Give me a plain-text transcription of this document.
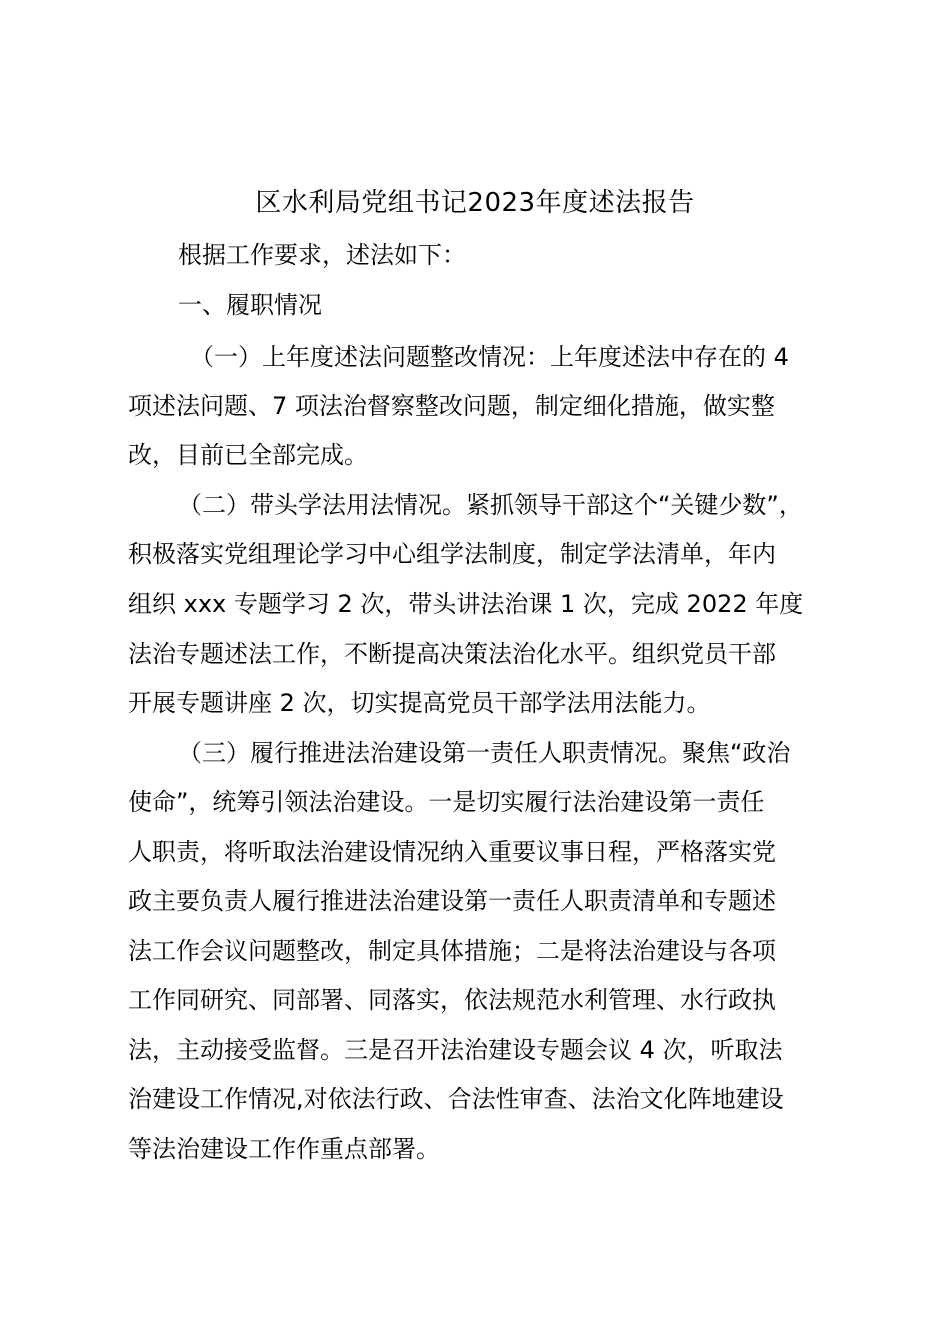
区水利局党组书记2023年度述法报告

根据工作要求，述法如下：

一、履职情况

（一）上年度述法问题整改情况：上年度述法中存在的 4

项述法问题、7 项法治督察整改问题，制定细化措施，做实整

改，目前已全部完成。

（二）带头学法用法情况。紧抓领导干部这个“关键少数”，

积极落实党组理论学习中心组学法制度，制定学法清单，年内

组织 xxx 专题学习 2 次，带头讲法治课 1 次，完成 2022 年度

法治专题述法工作，不断提高决策法治化水平。组织党员干部

开展专题讲座 2 次，切实提高党员干部学法用法能力。

（三）履行推进法治建设第一责任人职责情况。聚焦“政治

使命”，统筹引领法治建设。一是切实履行法治建设第一责任

人职责，将听取法治建设情况纳入重要议事日程，严格落实党

政主要负责人履行推进法治建设第一责任人职责清单和专题述

法工作会议问题整改，制定具体措施；二是将法治建设与各项

工作同研究、同部署、同落实，依法规范水利管理、水行政执

法，主动接受监督。三是召开法治建设专题会议 4 次，听取法

治建设工作情况,对依法行政、合法性审查、法治文化阵地建设

等法治建设工作作重点部署。
